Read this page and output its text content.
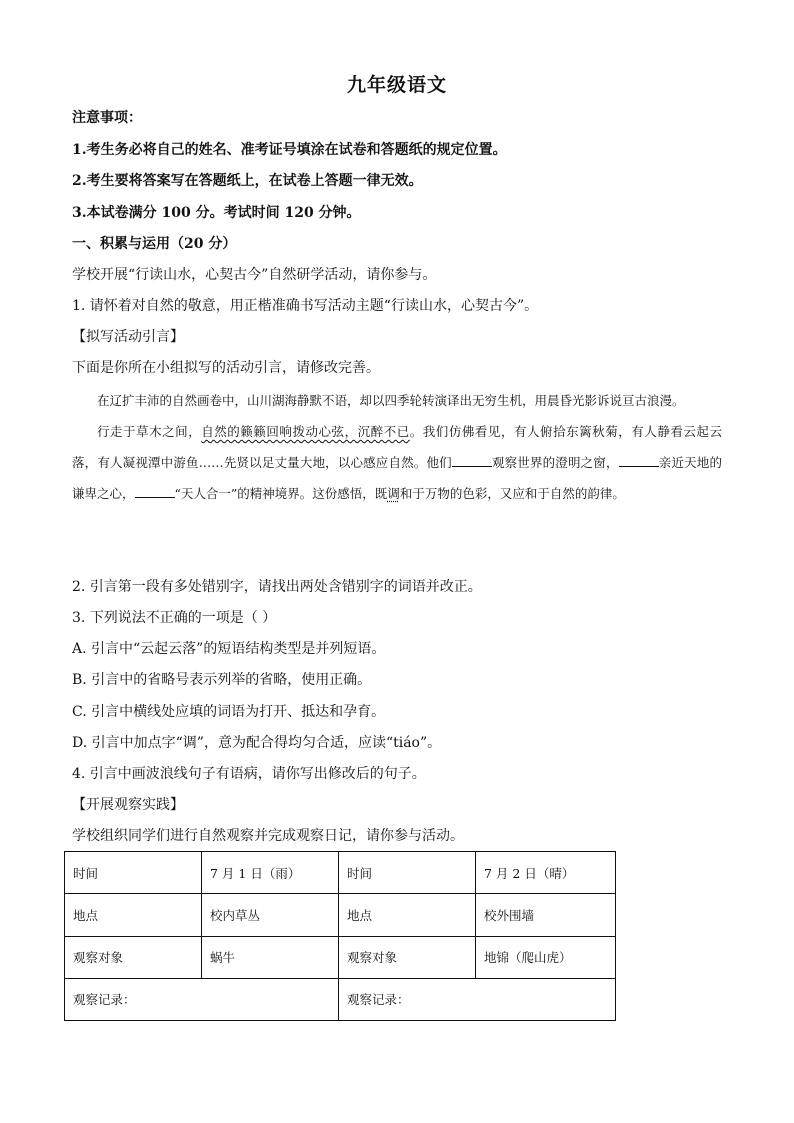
九年级语文
注意事项：
1.考生务必将自己的姓名、准考证号填涂在试卷和答题纸的规定位置。
2.考生要将答案写在答题纸上，在试卷上答题一律无效。
3.本试卷满分 100 分。考试时间 120 分钟。
一、积累与运用（20 分）
学校开展“行读山水，心契古今”自然研学活动，请你参与。
1. 请怀着对自然的敬意，用正楷准确书写活动主题“行读山水，心契古今”。
【拟写活动引言】
下面是你所在小组拟写的活动引言，请修改完善。

在辽扩丰沛的自然画卷中，山川湖海静默不语，却以四季轮转演译出无穷生机，用晨昏光影诉说亘古浪漫。

行走于草木之间，自然的籁籁回响拨动心弦，沉醉不已。我们仿佛看见，有人俯拾东篱秋菊，有人静看云起云落，有人凝视潭中游鱼……先贤以足丈量大地，以心感应自然。他们	观察世界的澄明之窗，	亲近天地的谦卑之心，	“天人合一”的精神境界。这份感悟，既调和于万物的色彩，又应和于自然的韵律。

2. 引言第一段有多处错别字，请找出两处含错别字的词语并改正。
3. 下列说法不正确的一项是（ ）
A. 引言中“云起云落”的短语结构类型是并列短语。
B. 引言中的省略号表示列举的省略，使用正确。
C. 引言中横线处应填的词语为打开、抵达和孕育。
D. 引言中加点字“调”，意为配合得均匀合适，应读“tiáo”。
4. 引言中画波浪线句子有语病，请你写出修改后的句子。
【开展观察实践】
学校组织同学们进行自然观察并完成观察日记，请你参与活动。
时间	7 月 1 日（雨）	时间	7 月 2 日（晴）
地点	校内草丛	地点	校外围墙
观察对象	蜗牛	观察对象	地锦（爬山虎）
观察记录：		观察记录：	
